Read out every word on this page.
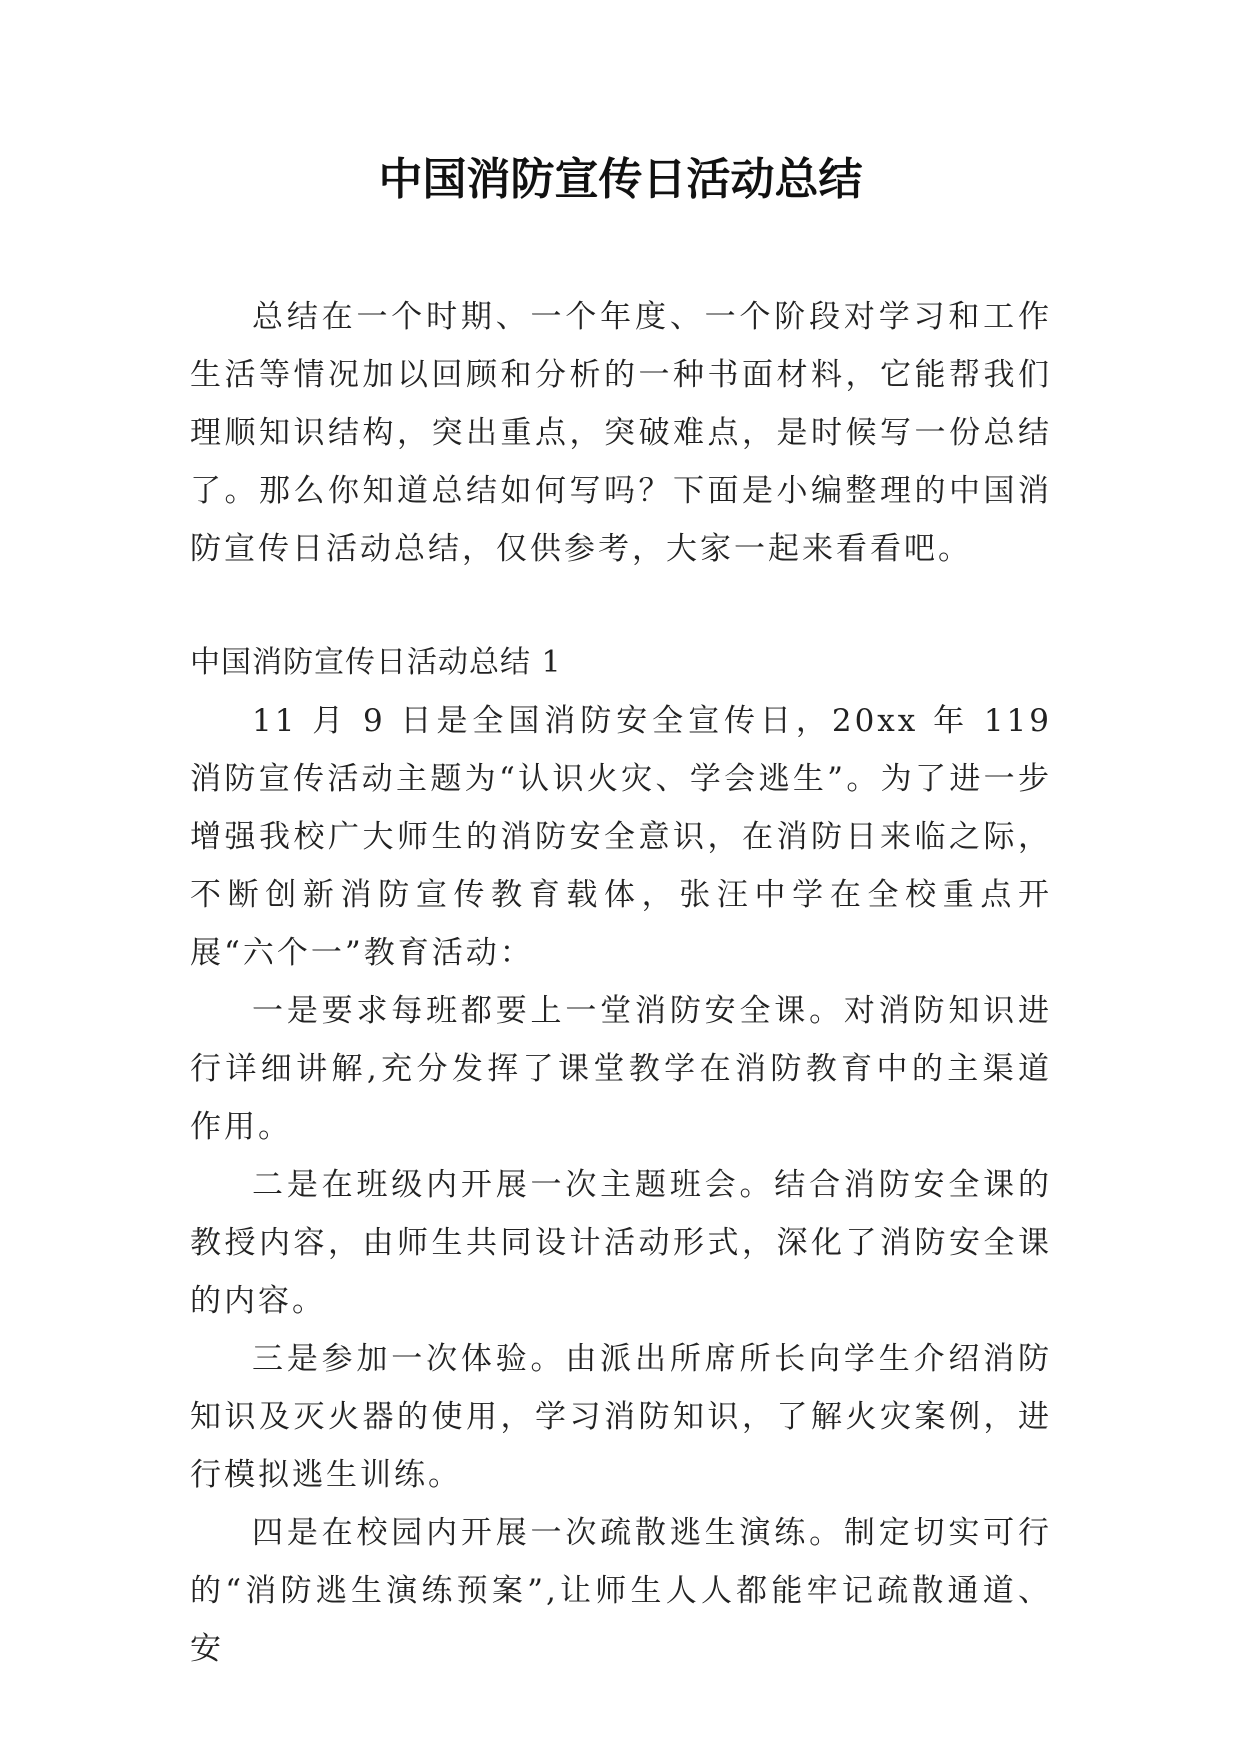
中国消防宣传日活动总结

总结在一个时期、一个年度、一个阶段对学习和工作生活等情况加以回顾和分析的一种书面材料，它能帮我们理顺知识结构，突出重点，突破难点，是时候写一份总结了。那么你知道总结如何写吗？下面是小编整理的中国消防宣传日活动总结，仅供参考，大家一起来看看吧。

中国消防宣传日活动总结 1

11 月 9 日是全国消防安全宣传日，20xx 年 119 消防宣传活动主题为“认识火灾、学会逃生”。为了进一步增强我校广大师生的消防安全意识，在消防日来临之际，不断创新消防宣传教育载体，张汪中学在全校重点开展“六个一”教育活动：

一是要求每班都要上一堂消防安全课。对消防知识进行详细讲解,充分发挥了课堂教学在消防教育中的主渠道作用。

二是在班级内开展一次主题班会。结合消防安全课的教授内容，由师生共同设计活动形式，深化了消防安全课的内容。

三是参加一次体验。由派出所席所长向学生介绍消防知识及灭火器的使用，学习消防知识，了解火灾案例，进行模拟逃生训练。

四是在校园内开展一次疏散逃生演练。制定切实可行的“消防逃生演练预案”,让师生人人都能牢记疏散通道、安
